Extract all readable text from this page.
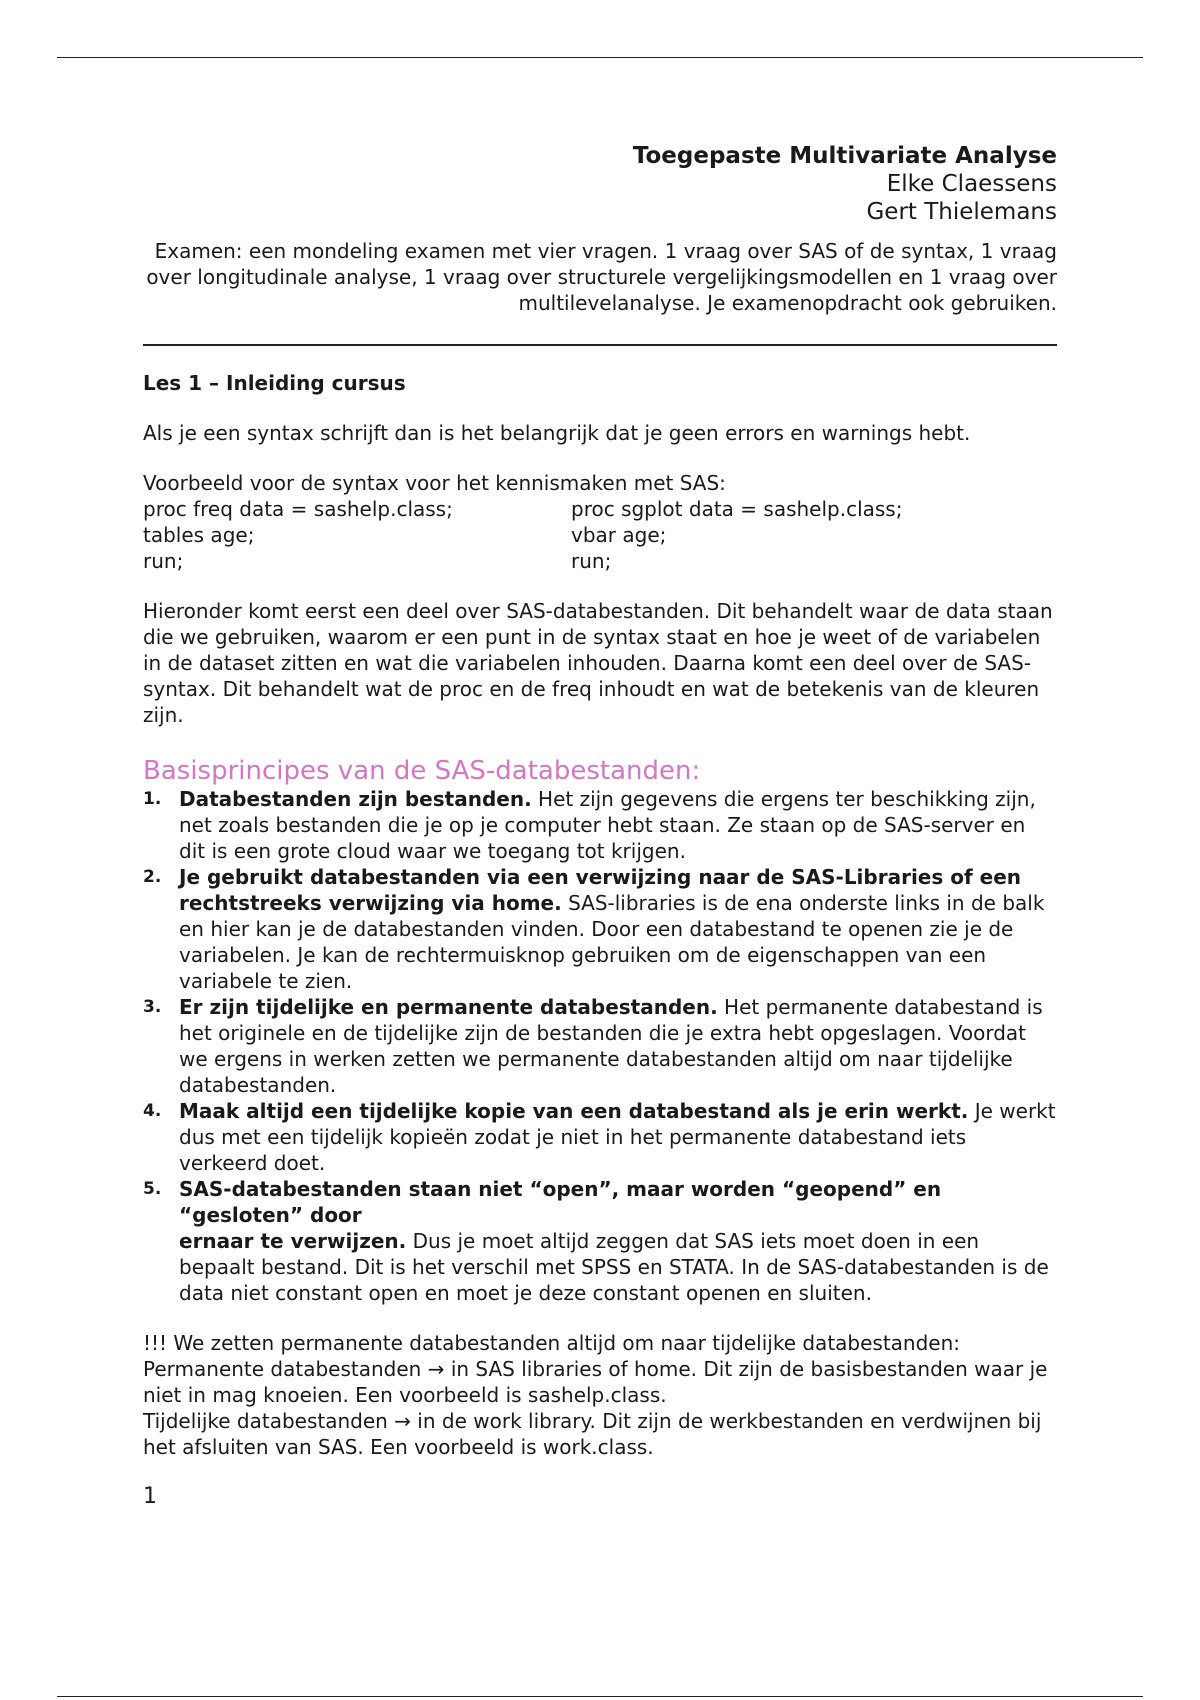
Toegepaste Multivariate Analyse
Elke Claessens
Gert Thielemans
Examen: een mondeling examen met vier vragen. 1 vraag over SAS of de syntax, 1 vraag over longitudinale analyse, 1 vraag over structurele vergelijkingsmodellen en 1 vraag over multilevelanalyse. Je examenopdracht ook gebruiken.
Les 1 – Inleiding cursus

Als je een syntax schrijft dan is het belangrijk dat je geen errors en warnings hebt.

Voorbeeld voor de syntax voor het kennismaken met SAS:

proc freq data = sashelp.class;
tables age;
run;
proc sgplot data = sashelp.class;
vbar age;
run;

Hieronder komt eerst een deel over SAS-databestanden. Dit behandelt waar de data staan die we gebruiken, waarom er een punt in de syntax staat en hoe je weet of de variabelen in de dataset zitten en wat die variabelen inhouden. Daarna komt een deel over de SAS-syntax. Dit behandelt wat de proc en de freq inhoudt en wat de betekenis van de kleuren zijn.

Basisprincipes van de SAS-databestanden:
1. Databestanden zijn bestanden. Het zijn gegevens die ergens ter beschikking zijn, net zoals bestanden die je op je computer hebt staan. Ze staan op de SAS-server en dit is een grote cloud waar we toegang tot krijgen.
2. Je gebruikt databestanden via een verwijzing naar de SAS-Libraries of een rechtstreeks verwijzing via home. SAS-libraries is de ena onderste links in de balk en hier kan je de databestanden vinden. Door een databestand te openen zie je de variabelen. Je kan de rechtermuisknop gebruiken om de eigenschappen van een variabele te zien.
3. Er zijn tijdelijke en permanente databestanden. Het permanente databestand is het originele en de tijdelijke zijn de bestanden die je extra hebt opgeslagen. Voordat we ergens in werken zetten we permanente databestanden altijd om naar tijdelijke databestanden.
4. Maak altijd een tijdelijke kopie van een databestand als je erin werkt. Je werkt dus met een tijdelijk kopieën zodat je niet in het permanente databestand iets verkeerd doet.
5. SAS-databestanden staan niet “open”, maar worden “geopend” en “gesloten” door
ernaar te verwijzen. Dus je moet altijd zeggen dat SAS iets moet doen in een bepaalt bestand. Dit is het verschil met SPSS en STATA. In de SAS-databestanden is de data niet constant open en moet je deze constant openen en sluiten.

!!! We zetten permanente databestanden altijd om naar tijdelijke databestanden:

Permanente databestanden → in SAS libraries of home. Dit zijn de basisbestanden waar je niet in mag knoeien. Een voorbeeld is sashelp.class.

Tijdelijke databestanden → in de work library. Dit zijn de werkbestanden en verdwijnen bij het afsluiten van SAS. Een voorbeeld is work.class.

1
